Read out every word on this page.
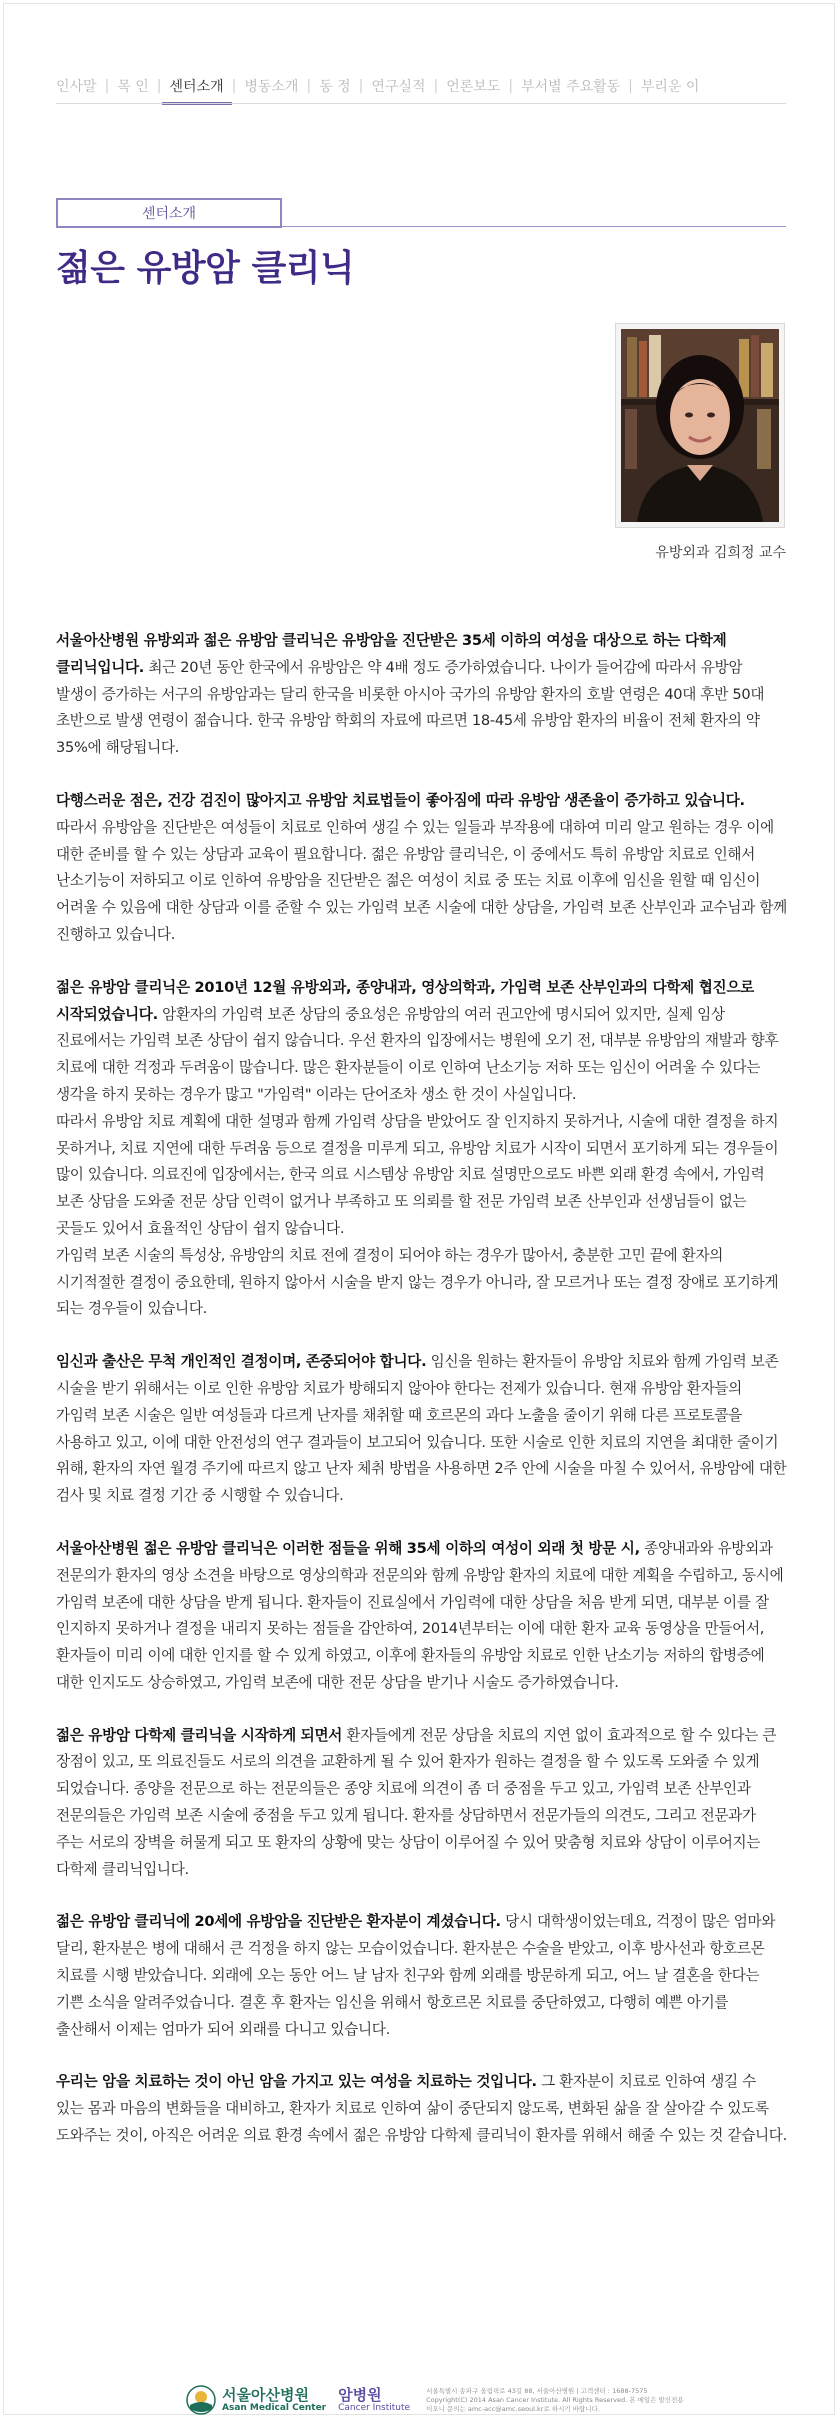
인사말 | 목 인 | 센터소개 | 병동소개 | 동 정 | 연구실적 | 언론보도 | 부서별 주요활동 | 부리운 이
센터소개
젊은 유방암 클리닉
유방외과 김희정 교수

서울아산병원 유방외과 젊은 유방암 클리닉은 유방암을 진단받은 35세 이하의 여성을 대상으로 하는 다학제 클리닉입니다. 최근 20년 동안 한국에서 유방암은 약 4배 정도 증가하였습니다. 나이가 들어감에 따라서 유방암 발생이 증가하는 서구의 유방암과는 달리 한국을 비롯한 아시아 국가의 유방암 환자의 호발 연령은 40대 후반 50대 초반으로 발생 연령이 젊습니다. 한국 유방암 학회의 자료에 따르면 18-45세 유방암 환자의 비율이 전체 환자의 약 35%에 해당됩니다.

다행스러운 점은, 건강 검진이 많아지고 유방암 치료법들이 좋아짐에 따라 유방암 생존율이 증가하고 있습니다. 따라서 유방암을 진단받은 여성들이 치료로 인하여 생길 수 있는 일들과 부작용에 대하여 미리 알고 원하는 경우 이에 대한 준비를 할 수 있는 상담과 교육이 필요합니다. 젊은 유방암 클리닉은, 이 중에서도 특히 유방암 치료로 인해서 난소기능이 저하되고 이로 인하여 유방암을 진단받은 젊은 여성이 치료 중 또는 치료 이후에 임신을 원할 때 임신이 어려울 수 있음에 대한 상담과 이를 준할 수 있는 가임력 보존 시술에 대한 상담을, 가임력 보존 산부인과 교수님과 함께 진행하고 있습니다.

젊은 유방암 클리닉은 2010년 12월 유방외과, 종양내과, 영상의학과, 가임력 보존 산부인과의 다학제 협진으로 시작되었습니다. 암환자의 가임력 보존 상담의 중요성은 유방암의 여러 권고안에 명시되어 있지만, 실제 임상 진료에서는 가임력 보존 상담이 쉽지 않습니다. 우선 환자의 입장에서는 병원에 오기 전, 대부분 유방암의 재발과 향후 치료에 대한 걱정과 두려움이 많습니다. 많은 환자분들이 이로 인하여 난소기능 저하 또는 임신이 어려울 수 있다는 생각을 하지 못하는 경우가 많고 "가임력" 이라는 단어조차 생소 한 것이 사실입니다.
따라서 유방암 치료 계획에 대한 설명과 함께 가임력 상담을 받았어도 잘 인지하지 못하거나, 시술에 대한 결정을 하지 못하거나, 치료 지연에 대한 두려움 등으로 결정을 미루게 되고, 유방암 치료가 시작이 되면서 포기하게 되는 경우들이 많이 있습니다. 의료진에 입장에서는, 한국 의료 시스템상 유방암 치료 설명만으로도 바쁜 외래 환경 속에서, 가임력 보존 상담을 도와줄 전문 상담 인력이 없거나 부족하고 또 의뢰를 할 전문 가임력 보존 산부인과 선생님들이 없는 곳들도 있어서 효율적인 상담이 쉽지 않습니다.
가임력 보존 시술의 특성상, 유방암의 치료 전에 결정이 되어야 하는 경우가 많아서, 충분한 고민 끝에 환자의 시기적절한 결정이 중요한데, 원하지 않아서 시술을 받지 않는 경우가 아니라, 잘 모르거나 또는 결정 장애로 포기하게 되는 경우들이 있습니다.

임신과 출산은 무척 개인적인 결정이며, 존중되어야 합니다. 임신을 원하는 환자들이 유방암 치료와 함께 가임력 보존 시술을 받기 위해서는 이로 인한 유방암 치료가 방해되지 않아야 한다는 전제가 있습니다. 현재 유방암 환자들의 가임력 보존 시술은 일반 여성들과 다르게 난자를 채취할 때 호르몬의 과다 노출을 줄이기 위해 다른 프로토콜을 사용하고 있고, 이에 대한 안전성의 연구 결과들이 보고되어 있습니다. 또한 시술로 인한 치료의 지연을 최대한 줄이기 위해, 환자의 자연 월경 주기에 따르지 않고 난자 체취 방법을 사용하면 2주 안에 시술을 마칠 수 있어서, 유방암에 대한 검사 및 치료 결정 기간 중 시행할 수 있습니다.

서울아산병원 젊은 유방암 클리닉은 이러한 점들을 위해 35세 이하의 여성이 외래 첫 방문 시, 종양내과와 유방외과 전문의가 환자의 영상 소견을 바탕으로 영상의학과 전문의와 함께 유방암 환자의 치료에 대한 계획을 수립하고, 동시에 가임력 보존에 대한 상담을 받게 됩니다. 환자들이 진료실에서 가임력에 대한 상담을 처음 받게 되면, 대부분 이를 잘 인지하지 못하거나 결정을 내리지 못하는 점들을 감안하여, 2014년부터는 이에 대한 환자 교육 동영상을 만들어서, 환자들이 미리 이에 대한 인지를 할 수 있게 하였고, 이후에 환자들의 유방암 치료로 인한 난소기능 저하의 합병증에 대한 인지도도 상승하였고, 가임력 보존에 대한 전문 상담을 받기나 시술도 증가하였습니다.

젊은 유방암 다학제 클리닉을 시작하게 되면서 환자들에게 전문 상담을 치료의 지연 없이 효과적으로 할 수 있다는 큰 장점이 있고, 또 의료진들도 서로의 의견을 교환하게 될 수 있어 환자가 원하는 결정을 할 수 있도록 도와줄 수 있게 되었습니다. 종양을 전문으로 하는 전문의들은 종양 치료에 의견이 좀 더 중점을 두고 있고, 가임력 보존 산부인과 전문의들은 가임력 보존 시술에 중점을 두고 있게 됩니다. 환자를 상담하면서 전문가들의 의견도, 그리고 전문과가 주는 서로의 장벽을 허물게 되고 또 환자의 상황에 맞는 상담이 이루어질 수 있어 맞춤형 치료와 상담이 이루어지는 다학제 클리닉입니다.

젊은 유방암 클리닉에 20세에 유방암을 진단받은 환자분이 계셨습니다. 당시 대학생이었는데요, 걱정이 많은 엄마와 달리, 환자분은 병에 대해서 큰 걱정을 하지 않는 모습이었습니다. 환자분은 수술을 받았고, 이후 방사선과 항호르몬 치료를 시행 받았습니다. 외래에 오는 동안 어느 날 남자 친구와 함께 외래를 방문하게 되고, 어느 날 결혼을 한다는 기쁜 소식을 알려주었습니다. 결혼 후 환자는 임신을 위해서 항호르몬 치료를 중단하였고, 다행히 예쁜 아기를 출산해서 이제는 엄마가 되어 외래를 다니고 있습니다.

우리는 암을 치료하는 것이 아닌 암을 가지고 있는 여성을 치료하는 것입니다. 그 환자분이 치료로 인하여 생길 수 있는 몸과 마음의 변화들을 대비하고, 환자가 치료로 인하여 삶이 중단되지 않도록, 변화된 삶을 잘 살아갈 수 있도록 도와주는 것이, 아직은 어려운 의료 환경 속에서 젊은 유방암 다학제 클리닉이 환자를 위해서 해줄 수 있는 것 같습니다.

서울아산병원
Asan Medical Center
암병원
Cancer Institute
서울특별시 송파구 올림픽로 43길 88, 서울아산병원 | 고객센터 : 1688-7575 Copyright(C) 2014 Asan Cancer Institute. All Rights Reserved. 본 메일은 발신전용이오니 문의는 amc-acc@amc.seoul.kr로 하시기 바랍니다.
